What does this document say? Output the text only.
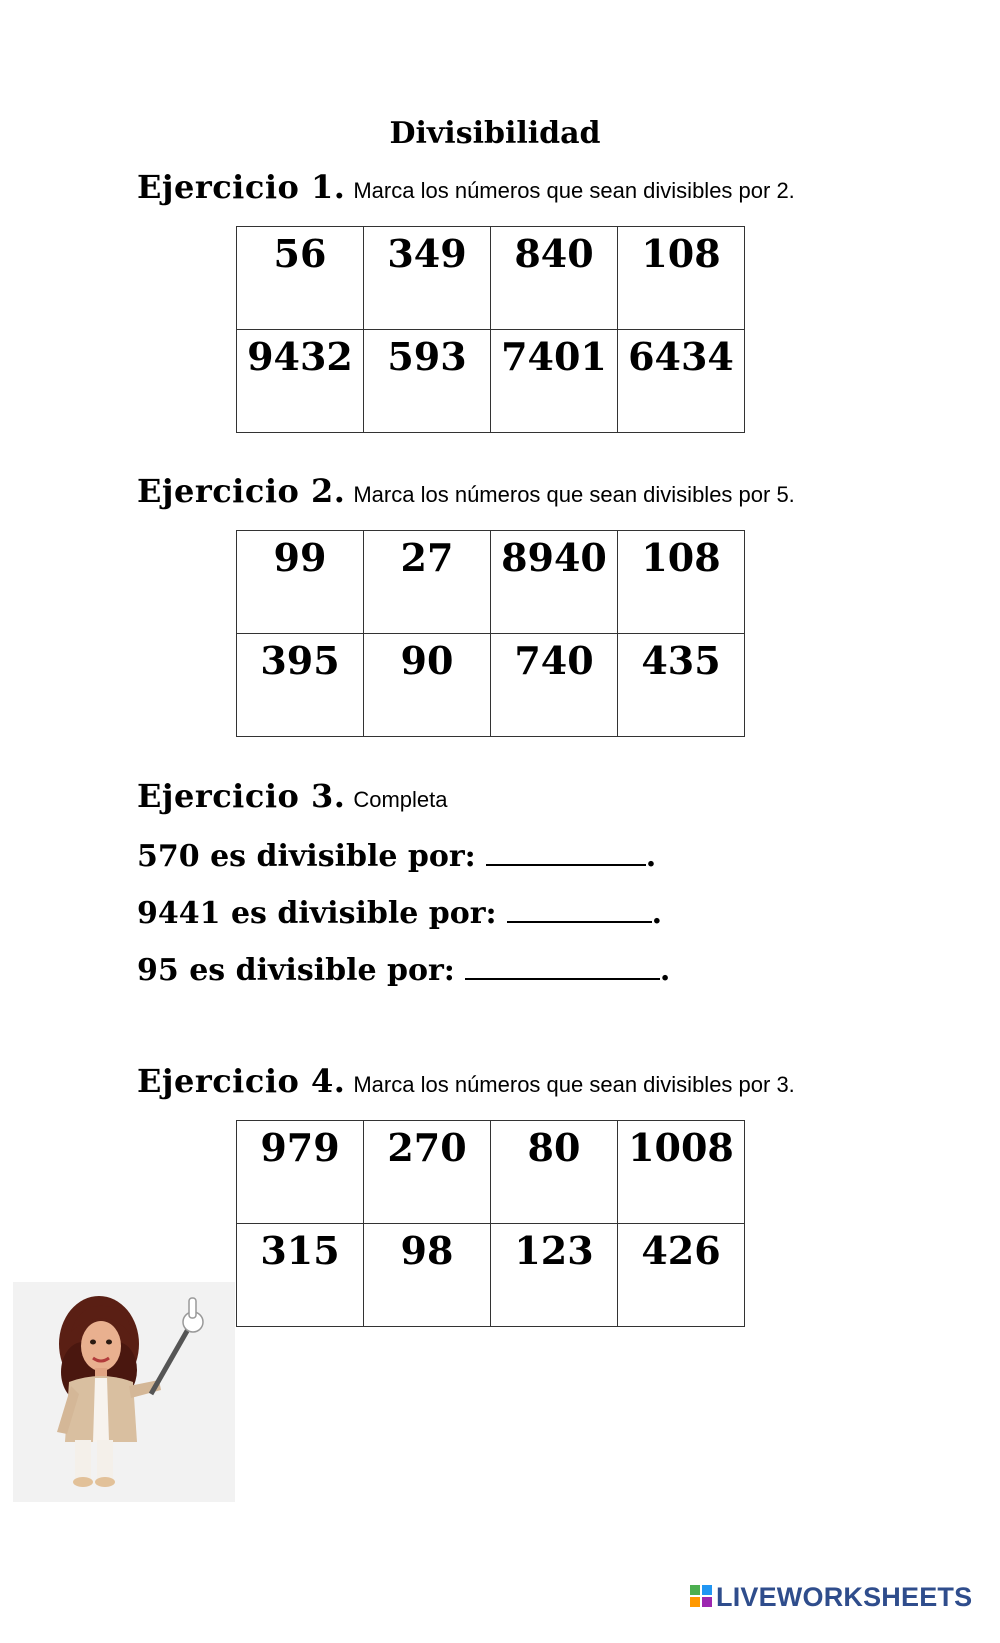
Divisibilidad
Ejercicio 1. Marca los números que sean divisibles por 2.
56	349	840	108

9432	593	7401	6434
Ejercicio 2. Marca los números que sean divisibles por 5.
99	27	8940	108

395	90	740	435
Ejercicio 3. Completa
570 es divisible por:	.
9441 es divisible por:	.
95 es divisible por:	.
Ejercicio 4. Marca los números que sean divisibles por 3.
979	270	80	1008

315	98	123	426
LIVEWORKSHEETS
